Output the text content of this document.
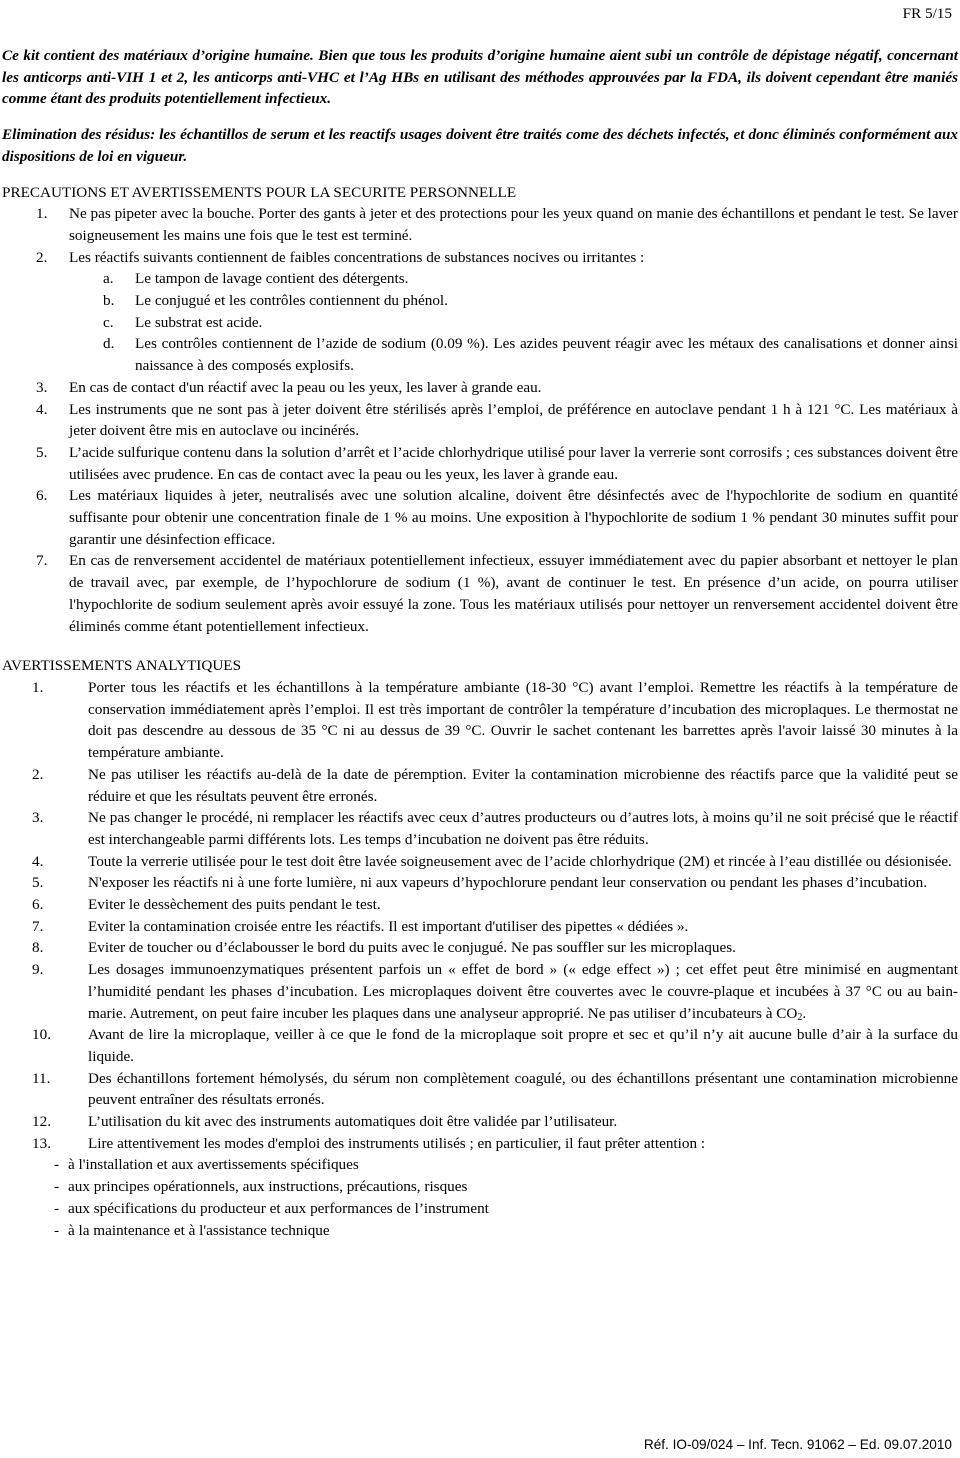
FR 5/15

Ce kit contient des matériaux d’origine humaine. Bien que tous les produits d’origine humaine aient subi un contrôle de dépistage négatif, concernant les anticorps anti-VIH 1 et 2, les anticorps anti-VHC et l’Ag HBs en utilisant des méthodes approuvées par la FDA, ils doivent cependant être maniés comme étant des produits potentiellement infectieux.

Elimination des résidus: les échantillos de serum et les reactifs usages doivent être traités come des déchets infectés, et donc éliminés conformément aux dispositions de loi en vigueur.

PRECAUTIONS ET AVERTISSEMENTS POUR LA SECURITE PERSONNELLE

1. Ne pas pipeter avec la bouche. Porter des gants à jeter et des protections pour les yeux quand on manie des échantillons et pendant le test. Se laver soigneusement les mains une fois que le test est terminé.
2. Les réactifs suivants contiennent de faibles concentrations de substances nocives ou irritantes :
a. Le tampon de lavage contient des détergents.
b. Le conjugué et les contrôles contiennent du phénol.
c. Le substrat est acide.
d. Les contrôles contiennent de l’azide de sodium (0.09 %). Les azides peuvent réagir avec les métaux des canalisations et donner ainsi naissance à des composés explosifs.
3. En cas de contact d'un réactif avec la peau ou les yeux, les laver à grande eau.
4. Les instruments que ne sont pas à jeter doivent être stérilisés après l’emploi, de préférence en autoclave pendant 1 h à 121 °C. Les matériaux à jeter doivent être mis en autoclave ou incinérés.
5. L’acide sulfurique contenu dans la solution d’arrêt et l’acide chlorhydrique utilisé pour laver la verrerie sont corrosifs ; ces substances doivent être utilisées avec prudence. En cas de contact avec la peau ou les yeux, les laver à grande eau.
6. Les matériaux liquides à jeter, neutralisés avec une solution alcaline, doivent être désinfectés avec de l'hypochlorite de sodium en quantité suffisante pour obtenir une concentration finale de 1 % au moins. Une exposition à l'hypochlorite de sodium 1 % pendant 30 minutes suffit pour garantir une désinfection efficace.
7. En cas de renversement accidentel de matériaux potentiellement infectieux, essuyer immédiatement avec du papier absorbant et nettoyer le plan de travail avec, par exemple, de l’hypochlorure de sodium (1 %), avant de continuer le test. En présence d’un acide, on pourra utiliser l'hypochlorite de sodium seulement après avoir essuyé la zone. Tous les matériaux utilisés pour nettoyer un renversement accidentel doivent être éliminés comme étant potentiellement infectieux.

AVERTISSEMENTS ANALYTIQUES

1.	Porter tous les réactifs et les échantillons à la température ambiante (18-30 °C) avant l’emploi. Remettre les réactifs à la température de conservation immédiatement après l’emploi. Il est très important de contrôler la température d’incubation des microplaques. Le thermostat ne doit pas descendre au dessous de 35 °C ni au dessus de 39 °C. Ouvrir le sachet contenant les barrettes après l'avoir laissé 30 minutes à la température ambiante.
2.	Ne pas utiliser les réactifs au-delà de la date de péremption. Eviter la contamination microbienne des réactifs parce que la validité peut se réduire et que les résultats peuvent être erronés.
3.	Ne pas changer le procédé, ni remplacer les réactifs avec ceux d’autres producteurs ou d’autres lots, à moins qu’il ne soit précisé que le réactif est interchangeable parmi différents lots. Les temps d’incubation ne doivent pas être réduits.
4.	Toute la verrerie utilisée pour le test doit être lavée soigneusement avec de l’acide chlorhydrique (2M) et rincée à l’eau distillée ou désionisée.
5.	N'exposer les réactifs ni à une forte lumière, ni aux vapeurs d’hypochlorure pendant leur conservation ou pendant les phases d’incubation.
6.	Eviter le dessèchement des puits pendant le test.
7.	Eviter la contamination croisée entre les réactifs. Il est important d'utiliser des pipettes « dédiées ».
8.	Eviter de toucher ou d’éclabousser le bord du puits avec le conjugué. Ne pas souffler sur les microplaques.
9.	Les dosages immunoenzymatiques présentent parfois un « effet de bord » (« edge effect ») ; cet effet peut être minimisé en augmentant l’humidité pendant les phases d’incubation. Les microplaques doivent être couvertes avec le couvre-plaque et incubées à 37 °C ou au bain-marie. Autrement, on peut faire incuber les plaques dans une analyseur approprié. Ne pas utiliser d’incubateurs à $CO_2$.
10. Avant de lire la microplaque, veiller à ce que le fond de la microplaque soit propre et sec et qu’il n’y ait aucune bulle d’air à la surface du liquide.
11. Des échantillons fortement hémolysés, du sérum non complètement coagulé, ou des échantillons présentant une contamination microbienne peuvent entraîner des résultats erronés.
12. L’utilisation du kit avec des instruments automatiques doit être validée par l’utilisateur.
13. Lire attentivement les modes d'emploi des instruments utilisés ; en particulier, il faut prêter attention :
- à l'installation et aux avertissements spécifiques
- aux principes opérationnels, aux instructions, précautions, risques
- aux spécifications du producteur et aux performances de l’instrument
- à la maintenance et à l'assistance technique
Réf. IO-09/024 – Inf. Tecn. 91062 – Ed. 09.07.2010
